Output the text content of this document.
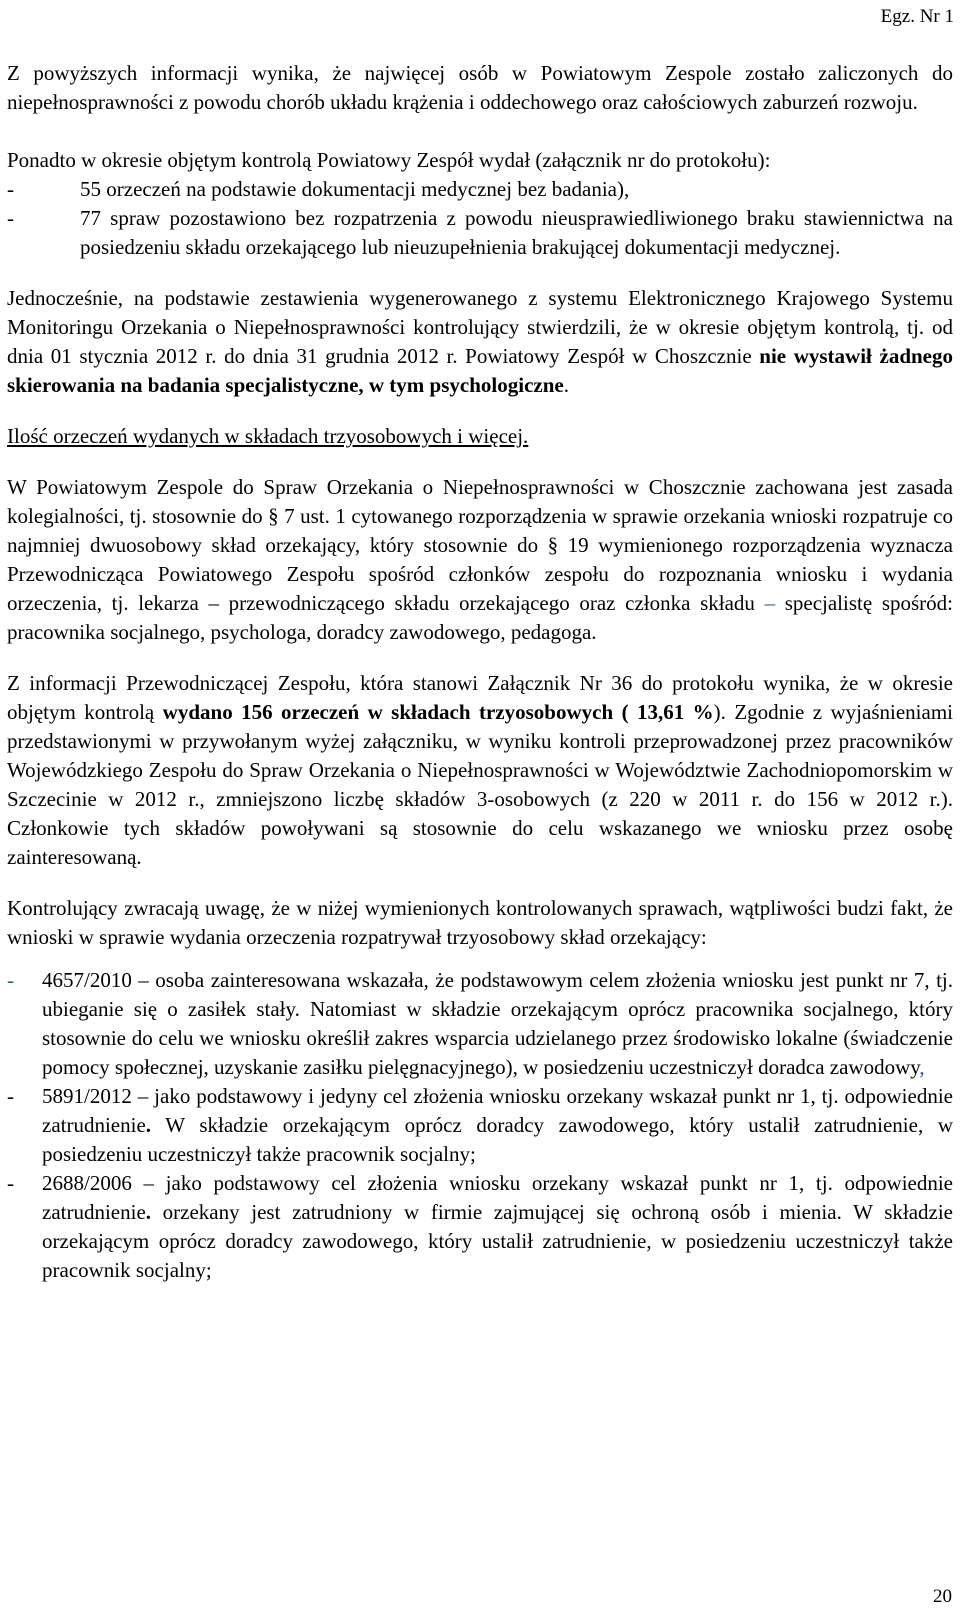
Egz. Nr 1

Z powyższych informacji wynika, że najwięcej osób w Powiatowym Zespole zostało zaliczonych do niepełnosprawności z powodu chorób układu krążenia i oddechowego oraz całościowych zaburzeń rozwoju.

Ponadto w okresie objętym kontrolą Powiatowy Zespół wydał (załącznik nr do protokołu):

-	55 orzeczeń na podstawie dokumentacji medycznej bez badania),
-	77 spraw pozostawiono bez rozpatrzenia z powodu nieusprawiedliwionego braku stawiennictwa na posiedzeniu składu orzekającego lub nieuzupełnienia brakującej dokumentacji medycznej.

Jednocześnie, na podstawie zestawienia wygenerowanego z systemu Elektronicznego Krajowego Systemu Monitoringu Orzekania o Niepełnosprawności kontrolujący stwierdzili, że w okresie objętym kontrolą, tj. od dnia 01 stycznia 2012 r. do dnia 31 grudnia 2012 r. Powiatowy Zespół w Choszcznie nie wystawił żadnego skierowania na badania specjalistyczne, w tym psychologiczne.

Ilość orzeczeń wydanych w składach trzyosobowych i więcej.

W Powiatowym Zespole do Spraw Orzekania o Niepełnosprawności w Choszcznie zachowana jest zasada kolegialności, tj. stosownie do § 7 ust. 1 cytowanego rozporządzenia w sprawie orzekania wnioski rozpatruje co najmniej dwuosobowy skład orzekający, który stosownie do § 19 wymienionego rozporządzenia wyznacza Przewodnicząca Powiatowego Zespołu spośród członków zespołu do rozpoznania wniosku i wydania orzeczenia, tj. lekarza – przewodniczącego składu orzekającego oraz członka składu – specjalistę spośród: pracownika socjalnego, psychologa, doradcy zawodowego, pedagoga.

Z informacji Przewodniczącej Zespołu, która stanowi Załącznik Nr 36 do protokołu wynika, że w okresie objętym kontrolą wydano 156 orzeczeń w składach trzyosobowych ( 13,61 %). Zgodnie z wyjaśnieniami przedstawionymi w przywołanym wyżej załączniku, w wyniku kontroli przeprowadzonej przez pracowników Wojewódzkiego Zespołu do Spraw Orzekania o Niepełnosprawności w Województwie Zachodniopomorskim w Szczecinie w 2012 r., zmniejszono liczbę składów 3-osobowych (z 220 w 2011 r. do 156 w 2012 r.). Członkowie tych składów powoływani są stosownie do celu wskazanego we wniosku przez osobę zainteresowaną.

Kontrolujący zwracają uwagę, że w niżej wymienionych kontrolowanych sprawach, wątpliwości budzi fakt, że wnioski w sprawie wydania orzeczenia rozpatrywał trzyosobowy skład orzekający:

- 4657/2010 – osoba zainteresowana wskazała, że podstawowym celem złożenia wniosku jest punkt nr 7, tj. ubieganie się o zasiłek stały. Natomiast w składzie orzekającym oprócz pracownika socjalnego, który stosownie do celu we wniosku określił zakres wsparcia udzielanego przez środowisko lokalne (świadczenie pomocy społecznej, uzyskanie zasiłku pielęgnacyjnego), w posiedzeniu uczestniczył doradca zawodowy,
- 5891/2012 – jako podstawowy i jedyny cel złożenia wniosku orzekany wskazał punkt nr 1, tj. odpowiednie zatrudnienie. W składzie orzekającym oprócz doradcy zawodowego, który ustalił zatrudnienie, w posiedzeniu uczestniczył także pracownik socjalny;
- 2688/2006 – jako podstawowy cel złożenia wniosku orzekany wskazał punkt nr 1, tj. odpowiednie zatrudnienie. orzekany jest zatrudniony w firmie zajmującej się ochroną osób i mienia. W składzie orzekającym oprócz doradcy zawodowego, który ustalił zatrudnienie, w posiedzeniu uczestniczył także pracownik socjalny;
20
